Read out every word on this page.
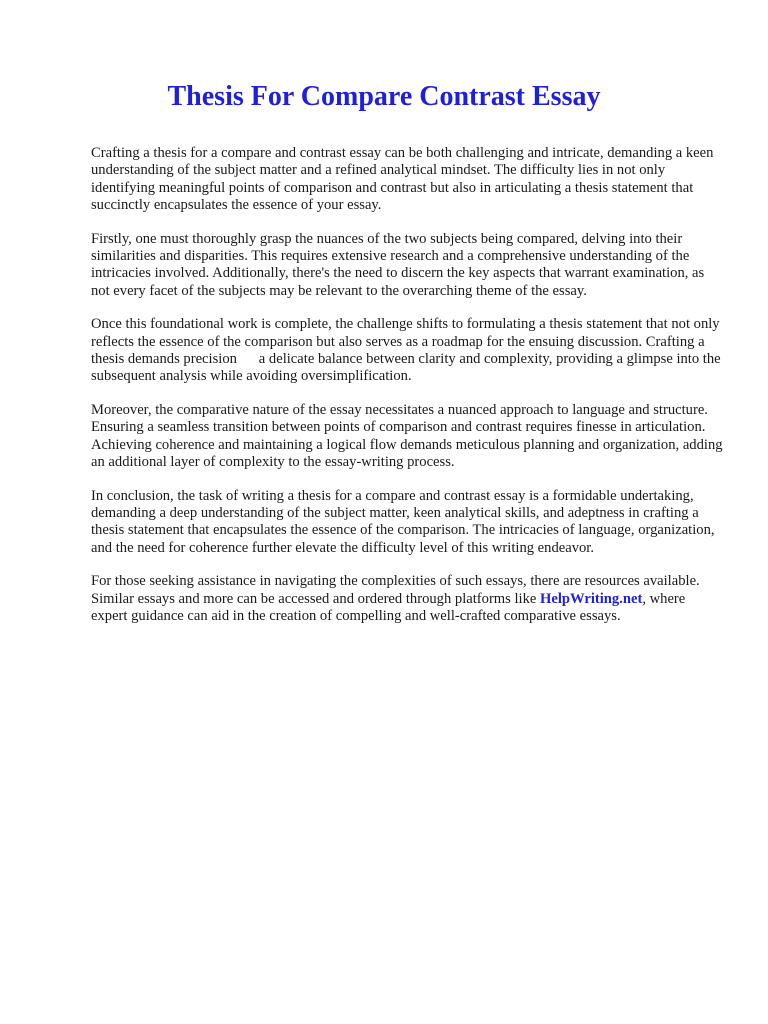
Thesis For Compare Contrast Essay

Crafting a thesis for a compare and contrast essay can be both challenging and intricate, demanding a keen understanding of the subject matter and a refined analytical mindset. The difficulty lies in not only identifying meaningful points of comparison and contrast but also in articulating a thesis statement that succinctly encapsulates the essence of your essay.

Firstly, one must thoroughly grasp the nuances of the two subjects being compared, delving into their similarities and disparities. This requires extensive research and a comprehensive understanding of the intricacies involved. Additionally, there's the need to discern the key aspects that warrant examination, as not every facet of the subjects may be relevant to the overarching theme of the essay.

Once this foundational work is complete, the challenge shifts to formulating a thesis statement that not only reflects the essence of the comparison but also serves as a roadmap for the ensuing discussion. Crafting a thesis demands precision   a delicate balance between clarity and complexity, providing a glimpse into the subsequent analysis while avoiding oversimplification.

Moreover, the comparative nature of the essay necessitates a nuanced approach to language and structure. Ensuring a seamless transition between points of comparison and contrast requires finesse in articulation. Achieving coherence and maintaining a logical flow demands meticulous planning and organization, adding an additional layer of complexity to the essay-writing process.

In conclusion, the task of writing a thesis for a compare and contrast essay is a formidable undertaking, demanding a deep understanding of the subject matter, keen analytical skills, and adeptness in crafting a thesis statement that encapsulates the essence of the comparison. The intricacies of language, organization, and the need for coherence further elevate the difficulty level of this writing endeavor.

For those seeking assistance in navigating the complexities of such essays, there are resources available. Similar essays and more can be accessed and ordered through platforms like HelpWriting.net, where expert guidance can aid in the creation of compelling and well-crafted comparative essays.
